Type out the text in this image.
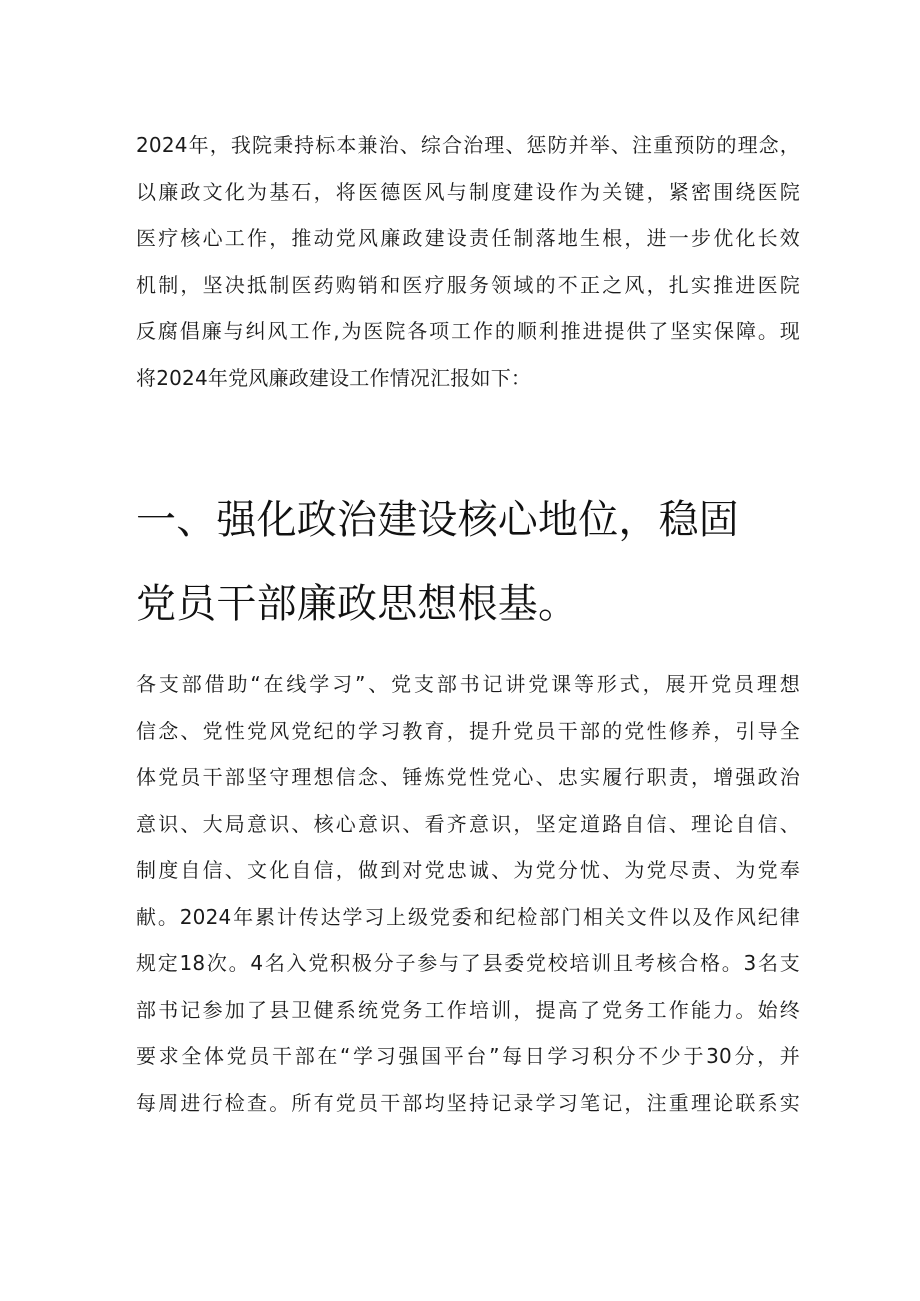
2024年，我院秉持标本兼治、综合治理、惩防并举、注重预防的理念，
以廉政文化为基石，将医德医风与制度建设作为关键，紧密围绕医院
医疗核心工作，推动党风廉政建设责任制落地生根，进一步优化长效
机制，坚决抵制医药购销和医疗服务领域的不正之风，扎实推进医院
反腐倡廉与纠风工作,为医院各项工作的顺利推进提供了坚实保障。现
将2024年党风廉政建设工作情况汇报如下：

一、强化政治建设核心地位，稳固
党员干部廉政思想根基。

各支部借助“在线学习”、党支部书记讲党课等形式，展开党员理想
信念、党性党风党纪的学习教育，提升党员干部的党性修养，引导全
体党员干部坚守理想信念、锤炼党性党心、忠实履行职责，增强政治
意识、大局意识、核心意识、看齐意识，坚定道路自信、理论自信、
制度自信、文化自信，做到对党忠诚、为党分忧、为党尽责、为党奉
献。2024年累计传达学习上级党委和纪检部门相关文件以及作风纪律
规定18次。4名入党积极分子参与了县委党校培训且考核合格。3名支
部书记参加了县卫健系统党务工作培训，提高了党务工作能力。始终
要求全体党员干部在“学习强国平台”每日学习积分不少于30分，并
每周进行检查。所有党员干部均坚持记录学习笔记，注重理论联系实
